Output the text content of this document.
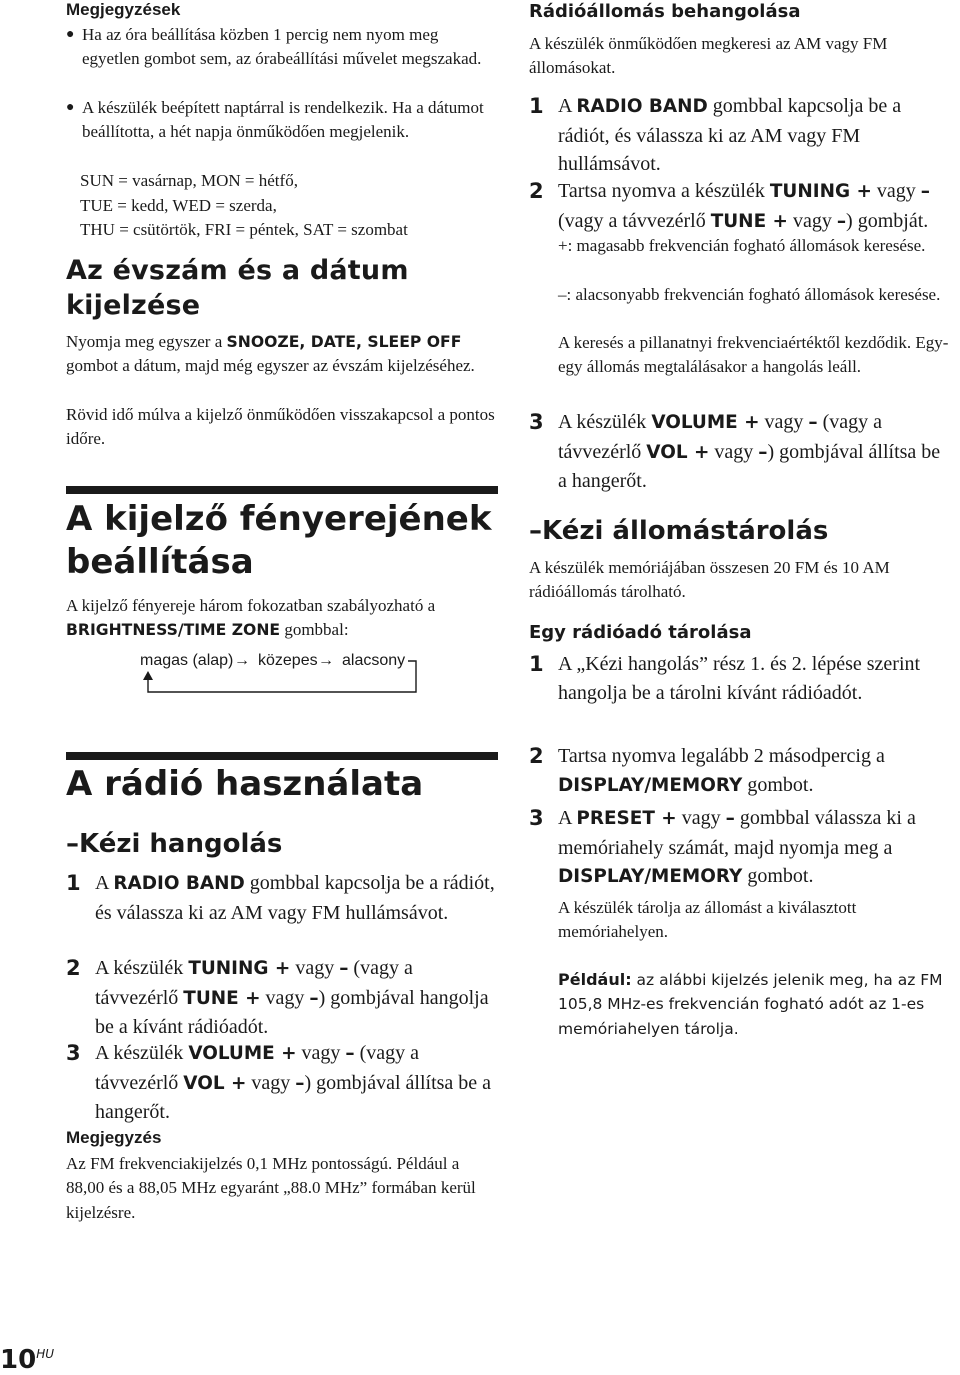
Megjegyzések
● Ha az óra beállítása közben 1 percig nem nyom meg egyetlen gombot sem, az órabeállítási művelet megszakad.
● A készülék beépített naptárral is rendelkezik. Ha a dátumot beállította, a hét napja önműködően megjelenik.
SUN = vasárnap, MON = hétfő,
TUE = kedd, WED = szerda,
THU = csütörtök, FRI = péntek, SAT = szombat
Az évszám és a dátum kijelzése
Nyomja meg egyszer a SNOOZE, DATE, SLEEP OFF gombot a dátum, majd még egyszer az évszám kijelzéséhez.
Rövid idő múlva a kijelző önműködően visszakapcsol a pontos időre.
A kijelző fényerejének beállítása
A kijelző fényereje három fokozatban szabályozható a BRIGHTNESS/TIME ZONE gombbal:
magas (alap) → közepes → alacsony
A rádió használata
–Kézi hangolás
1 A RADIO BAND gombbal kapcsolja be a rádiót, és válassza ki az AM vagy FM hullámsávot.
2 A készülék TUNING + vagy – (vagy a távvezérlő TUNE + vagy –) gombjával hangolja be a kívánt rádióadót.
3 A készülék VOLUME + vagy – (vagy a távvezérlő VOL + vagy –) gombjával állítsa be a hangerőt.
Megjegyzés
Az FM frekvenciakijelzés 0,1 MHz pontosságú. Például a 88,00 és a 88,05 MHz egyaránt „88.0 MHz” formában kerül kijelzésre.
Rádióállomás behangolása
A készülék önműködően megkeresi az AM vagy FM állomásokat.
1 A RADIO BAND gombbal kapcsolja be a rádiót, és válassza ki az AM vagy FM hullámsávot.
2 Tartsa nyomva a készülék TUNING + vagy – (vagy a távvezérlő TUNE + vagy –) gombját.
+: magasabb frekvencián fogható állomások keresése.
–: alacsonyabb frekvencián fogható állomások keresése.
A keresés a pillanatnyi frekvenciaértéktől kezdődik. Egy-egy állomás megtalálásakor a hangolás leáll.
3 A készülék VOLUME + vagy – (vagy a távvezérlő VOL + vagy –) gombjával állítsa be a hangerőt.
–Kézi állomástárolás
A készülék memóriájában összesen 20 FM és 10 AM rádióállomás tárolható.
Egy rádióadó tárolása
1 A „Kézi hangolás” rész 1. és 2. lépése szerint hangolja be a tárolni kívánt rádióadót.
2 Tartsa nyomva legalább 2 másodpercig a DISPLAY/MEMORY gombot.
3 A PRESET + vagy – gombbal válassza ki a memóriahely számát, majd nyomja meg a DISPLAY/MEMORY gombot.
A készülék tárolja az állomást a kiválasztott memóriahelyen.
Például: az alábbi kijelzés jelenik meg, ha az FM 105,8 MHz-es frekvencián fogható adót az 1-es memóriahelyen tárolja.
$10^{HU}$
